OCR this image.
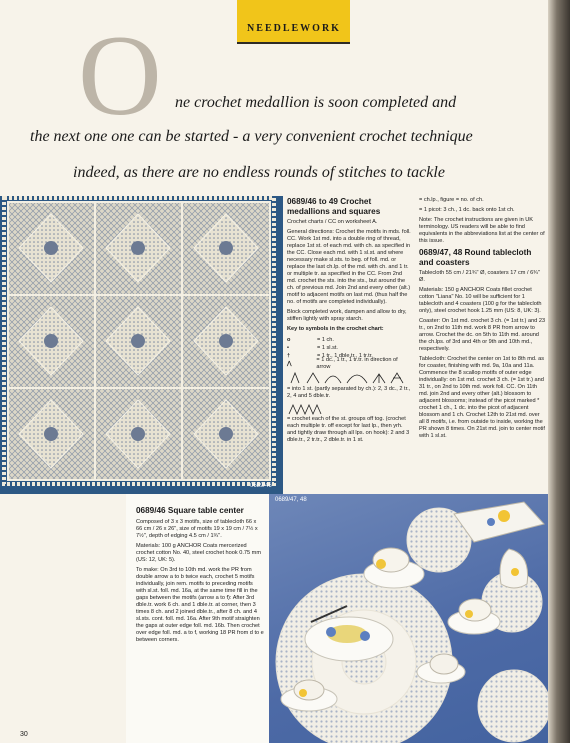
NEEDLEWORK
O ne crochet medallion is soon completed and
the next one one can be started - a very convenient crochet technique
indeed, as there are no endless rounds of stitches to tackle
0689/46
0689/46 to 49 Crochet medallions and squares

Crochet charts / CC on worksheet A.

General directions: Crochet the motifs in mds. foll. CC. Work 1st md. into a double ring of thread, replace 1st st. of each md. with ch. as specified in the CC. Close each md. with 1 sl.st. and where necessary make sl.sts. to beg. of foll. md. or replace the last ch.lp. of the md. with ch. and 1 tr. or multiple tr. as specified in the CC. From 2nd md. crochet the sts. into the sts., but around the ch. of previous md. Join 2nd and every other (alt.) motif to adjacent motifs on last md. (thus half the no. of motifs are completed individually).

Block completed work, dampen and allow to dry, stiffen lightly with spray starch.

Key to symbols in the crochet chart:

o	= 1 ch.
•	= 1 sl.st.
†	= 1 tr., 1 dble.tr., 1 tr.tr.
⋀
= 1 dc., 1 tr., 1 tr.tr. in direction of arrow

= into 1 st. (partly separated by ch.): 2, 3 dc., 2 tr., 2, 4 and 5 dble.tr.

= crochet each of the st. groups off tog. (crochet each multiple tr. off except for last lp., then yrh. and tightly draw through all lps. on hook): 2 and 3 dble.tr., 2 tr.tr., 2 dble.tr. in 1 st.

= ch.lp., figure = no. of ch.

= 1 picot: 3 ch., 1 dc. back onto 1st ch.

Note: The crochet instructions are given in UK terminology. US readers will be able to find equivalents in the abbreviations list at the center of this issue.

0689/47, 48 Round tablecloth and coasters

Tablecloth 55 cm / 21¾" Ø, coasters 17 cm / 6¾" Ø.

Materials: 150 g ANCHOR Coats fillet crochet cotton "Liana" No. 10 will be sufficient for 1 tablecloth and 4 coasters (100 g for the tablecloth only), steel crochet hook 1.25 mm (US: 8, UK: 3).

Coaster: On 1st md. crochet 3 ch. (= 1st tr.) and 23 tr., on 2nd to 11th md. work 8 PR from arrow to arrow. Crochet the dc. on 5th to 11th md. around the ch.lps. of 3rd and 4th or 9th and 10th md., respectively.

Tablecloth: Crochet the center on 1st to 8th md. as for coaster, finishing with md. 9a, 10a and 11a. Commence the 8 scallop motifs of outer edge individually: on 1st md. crochet 3 ch. (= 1st tr.) and 31 tr., on 2nd to 10th md. work foll. CC. On 11th md. join 2nd and every other (alt.) blossom to adjacent blossoms; instead of the picot marked * crochet 1 ch., 1 dc. into the picot of adjacent blossom and 1 ch. Crochet 12th to 21st md. over all 8 motifs, i.e. from outside to inside, working the PR shown 8 times. On 21st md. join to center motif with 1 sl.st.

0689/46 Square table center

Composed of 3 x 3 motifs, size of tablecloth 66 x 66 cm / 26 x 26", size of motifs 19 x 19 cm / 7½ x 7½", depth of edging 4.5 cm / 1¾".

Materials: 100 g ANCHOR Coats mercerized crochet cotton No. 40, steel crochet hook 0.75 mm (US: 12, UK: 5).

To make: On 3rd to 10th md. work the PR from double arrow a to b twice each, crochet 5 motifs individually, join rem. motifs to preceding motifs with sl.st. foll. md. 16a, at the same time fill in the gaps between the motifs (arrow a to f): After 3rd dble.tr. work 6 ch. and 1 dble.tr. at corner, then 3 times 8 ch. and 2 joined dble.tr., after 8 ch. and 4 sl.sts. cont. foll. md. 16a. After 9th motif straighten the gaps at outer edge foll. md. 16b. Then crochet over edge foll. md. a to f, working 18 PR from d to e between corners.

0689/47, 48
30
